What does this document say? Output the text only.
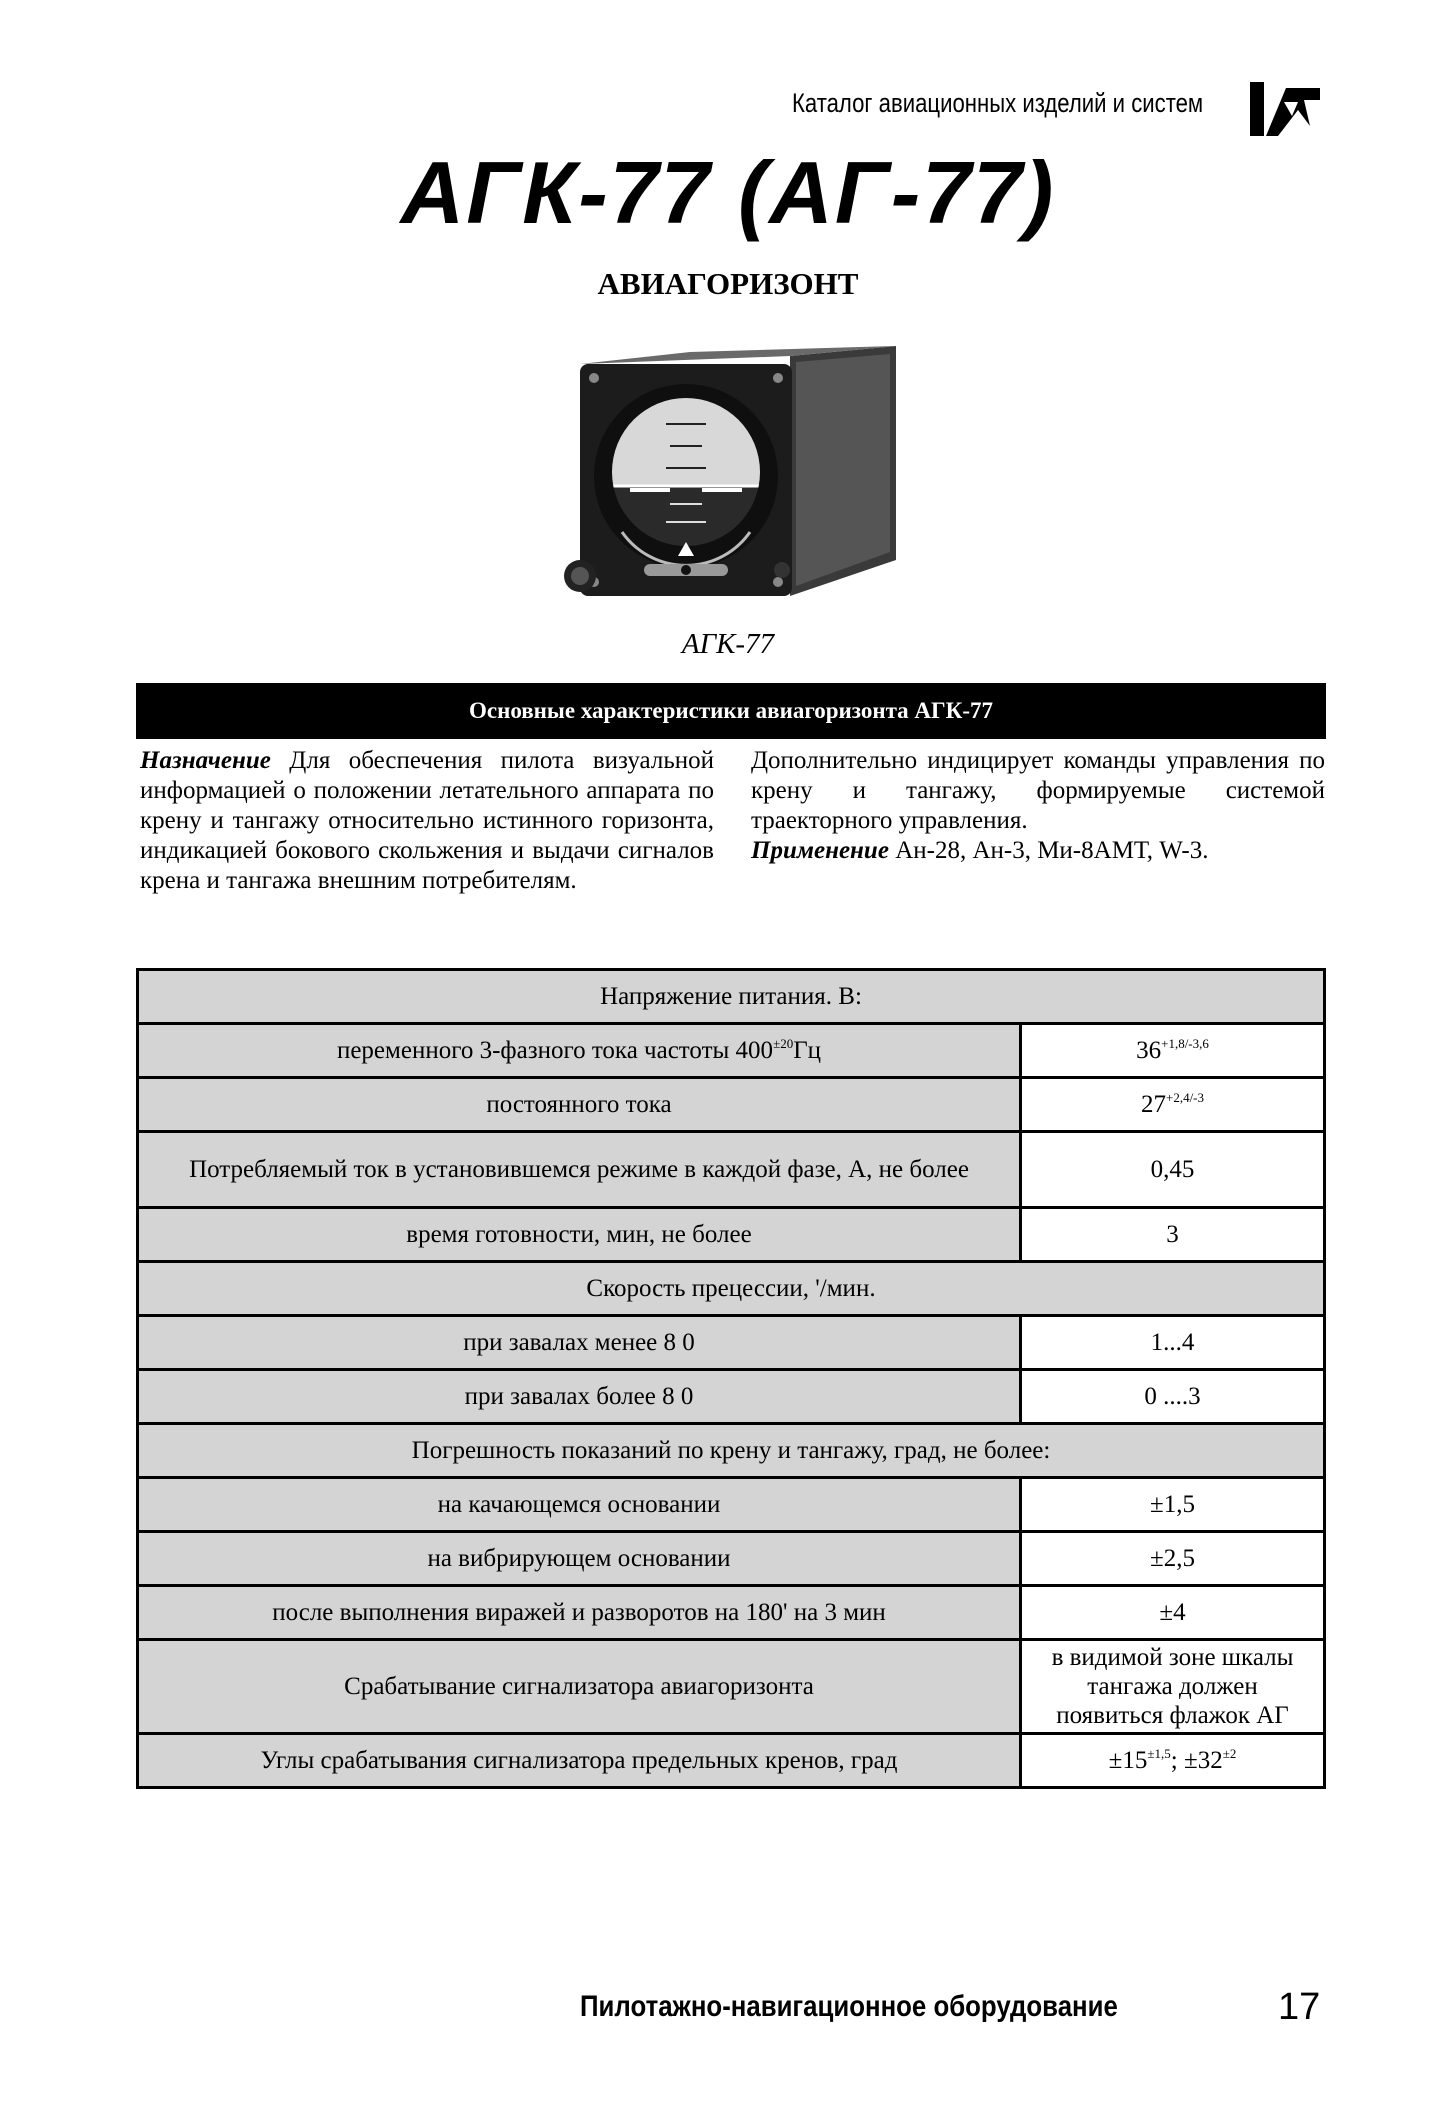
Каталог авиационных изделий и систем
АГК-77 (АГ-77)
АВИАГОРИЗОНТ
АГК-77
Основные характеристики авиагоризонта АГК-77
Назначение Для обеспечения пилота визуальной информацией о положении летательного аппарата по крену и тангажу относительно истинного горизонта, индикацией бокового скольжения и выдачи сигналов крена и тангажа внешним потребителям.
Дополнительно индицирует команды управления по крену и тангажу, формируемые системой траекторного управления.
Применение Ан-28, Ан-3, Ми-8АМТ, W-3.
Напряжение питания. В:	
переменного 3-фазного тока частоты $400^{\pm 20}Гц$	$36^{+1,8/-3,6}$
постоянного тока	$27^{+2,4/-3}$
Потребляемый ток в установившемся режиме в каждой фазе, А, не более	0,45
время готовности, мин, не более	3
Скорость прецессии, '/мин.	
при завалах менее 8 0	1...4
при завалах более 8 0	0 ....3
Погрешность показаний по крену и тангажу, град, не более:	
на качающемся основании	±1,5
на вибрирующем основании	±2,5
после выполнения виражей и разворотов на 180' на 3 мин	±4
Срабатывание сигнализатора авиагоризонта	в видимой зоне шкалы тангажа должен появиться флажок АГ
Углы срабатывания сигнализатора предельных кренов, град	$\pm 15^{\pm 1,5}$; $\pm 32^{\pm 2}$
Пилотажно-навигационное оборудование	17
